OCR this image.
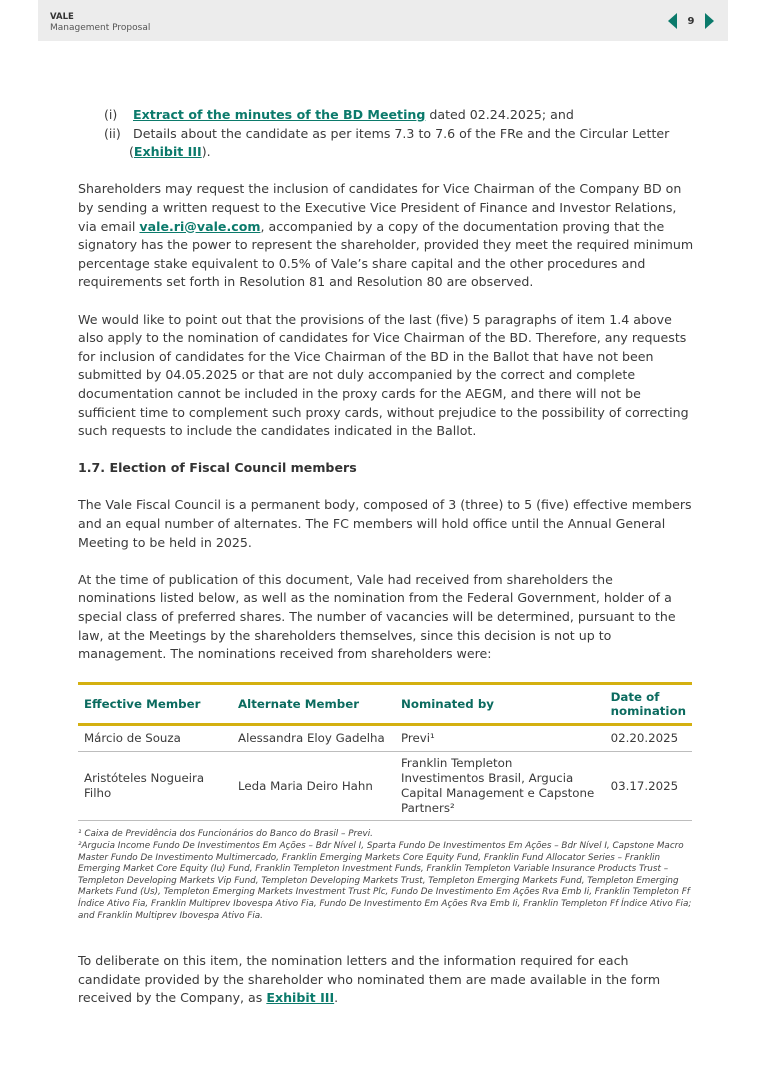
VALE
Management Proposal
9
(i)	Extract of the minutes of the BD Meeting dated 02.24.2025; and
(ii) Details about the candidate as per items 7.3 to 7.6 of the FRe and the Circular Letter
(Exhibit III).

Shareholders may request the inclusion of candidates for Vice Chairman of the Company BD on by sending a written request to the Executive Vice President of Finance and Investor Relations, via email vale.ri@vale.com, accompanied by a copy of the documentation proving that the signatory has the power to represent the shareholder, provided they meet the required minimum percentage stake equivalent to 0.5% of Vale’s share capital and the other procedures and requirements set forth in Resolution 81 and Resolution 80 are observed.

We would like to point out that the provisions of the last (five) 5 paragraphs of item 1.4 above also apply to the nomination of candidates for Vice Chairman of the BD. Therefore, any requests for inclusion of candidates for the Vice Chairman of the BD in the Ballot that have not been submitted by 04.05.2025 or that are not duly accompanied by the correct and complete documentation cannot be included in the proxy cards for the AEGM, and there will not be sufficient time to complement such proxy cards, without prejudice to the possibility of correcting such requests to include the candidates indicated in the Ballot.

1.7. Election of Fiscal Council members

The Vale Fiscal Council is a permanent body, composed of 3 (three) to 5 (five) effective members and an equal number of alternates. The FC members will hold office until the Annual General Meeting to be held in 2025.

At the time of publication of this document, Vale had received from shareholders the nominations listed below, as well as the nomination from the Federal Government, holder of a special class of preferred shares. The number of vacancies will be determined, pursuant to the law, at the Meetings by the shareholders themselves, since this decision is not up to management. The nominations received from shareholders were:

Effective Member	Alternate Member	Nominated by	Date of nomination
Márcio de Souza	Alessandra Eloy Gadelha	Previ¹	02.20.2025
Aristóteles Nogueira Filho	Leda Maria Deiro Hahn	Franklin Templeton Investimentos Brasil, Argucia Capital Management e Capstone Partners²	03.17.2025
¹ Caixa de Previdência dos Funcionários do Banco do Brasil – Previ.
²Argucia Income Fundo De Investimentos Em Ações – Bdr Nível I, Sparta Fundo De Investimentos Em Ações – Bdr Nível I, Capstone Macro Master Fundo De Investimento Multimercado, Franklin Emerging Markets Core Equity Fund, Franklin Fund Allocator Series – Franklin Emerging Market Core Equity (Iu) Fund, Franklin Templeton Investment Funds, Franklin Templeton Variable Insurance Products Trust – Templeton Developing Markets Vip Fund, Templeton Developing Markets Trust, Templeton Emerging Markets Fund, Templeton Emerging Markets Fund (Us), Templeton Emerging Markets Investment Trust Plc, Fundo De Investimento Em Ações Rva Emb Ii, Franklin Templeton Ff Índice Ativo Fia, Franklin Multiprev Ibovespa Ativo Fia, Fundo De Investimento Em Ações Rva Emb Ii, Franklin Templeton Ff Índice Ativo Fia; and Franklin Multiprev Ibovespa Ativo Fia.

To deliberate on this item, the nomination letters and the information required for each candidate provided by the shareholder who nominated them are made available in the form received by the Company, as Exhibit III.
